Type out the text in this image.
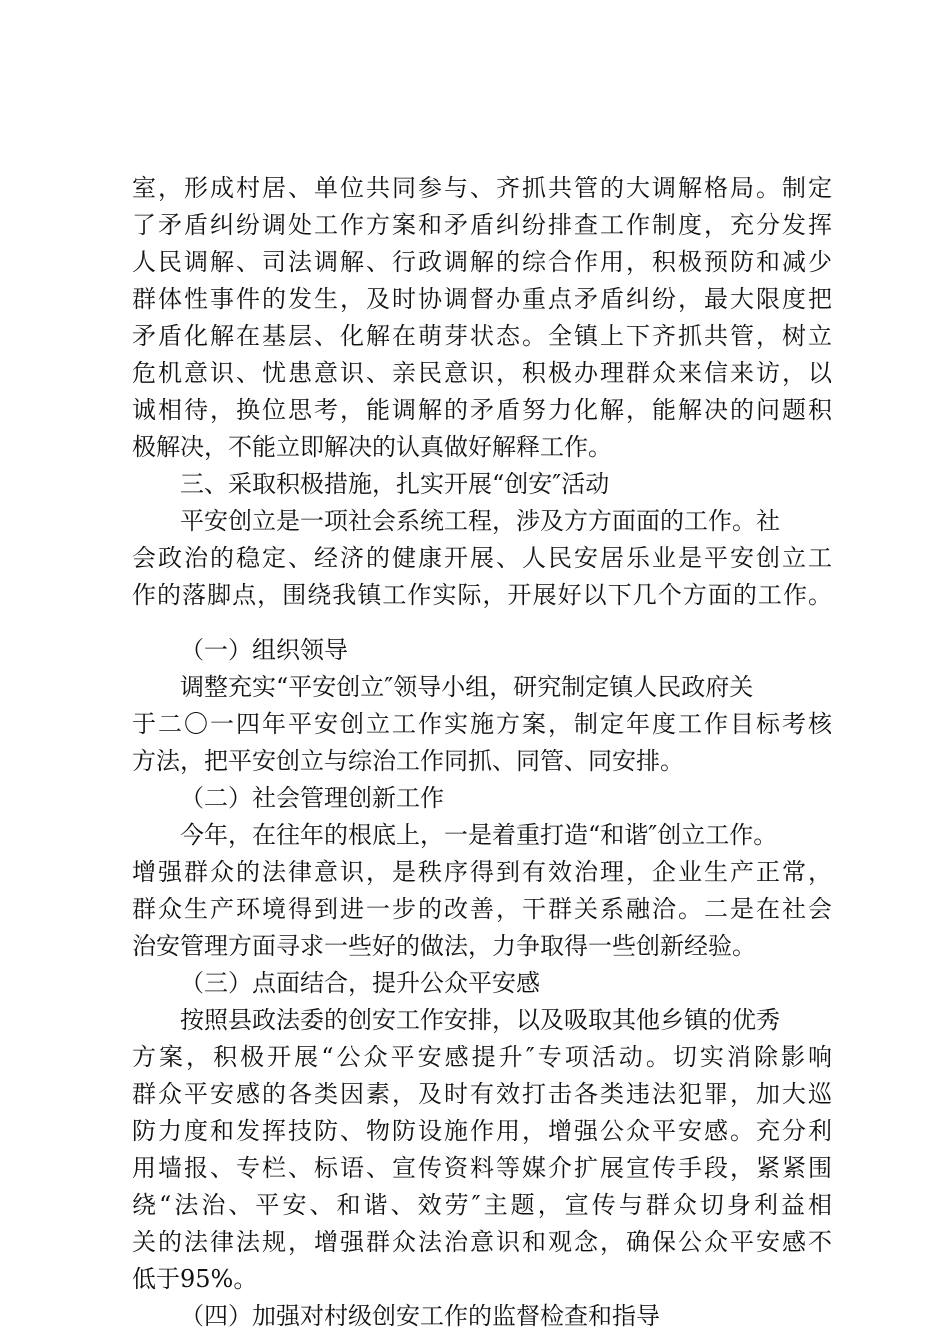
室，形成村居、单位共同参与、齐抓共管的大调解格局。制定
了矛盾纠纷调处工作方案和矛盾纠纷排查工作制度，充分发挥
人民调解、司法调解、行政调解的综合作用，积极预防和减少
群体性事件的发生，及时协调督办重点矛盾纠纷，最大限度把
矛盾化解在基层、化解在萌芽状态。全镇上下齐抓共管，树立
危机意识、忧患意识、亲民意识，积极办理群众来信来访，以
诚相待，换位思考，能调解的矛盾努力化解，能解决的问题积
极解决，不能立即解决的认真做好解释工作。
三、采取积极措施，扎实开展“创安″活动
平安创立是一项社会系统工程，涉及方方面面的工作。社
会政治的稳定、经济的健康开展、人民安居乐业是平安创立工
作的落脚点，围绕我镇工作实际，开展好以下几个方面的工作。
（一）组织领导
调整充实“平安创立″领导小组，研究制定镇人民政府关
于二〇一四年平安创立工作实施方案，制定年度工作目标考核
方法，把平安创立与综治工作同抓、同管、同安排。
（二）社会管理创新工作
今年，在往年的根底上，一是着重打造“和谐″创立工作。
增强群众的法律意识，是秩序得到有效治理，企业生产正常，
群众生产环境得到进一步的改善，干群关系融洽。二是在社会
治安管理方面寻求一些好的做法，力争取得一些创新经验。
（三）点面结合，提升公众平安感
按照县政法委的创安工作安排，以及吸取其他乡镇的优秀
方案，积极开展“公众平安感提升″专项活动。切实消除影响
群众平安感的各类因素，及时有效打击各类违法犯罪，加大巡
防力度和发挥技防、物防设施作用，增强公众平安感。充分利
用墙报、专栏、标语、宣传资料等媒介扩展宣传手段，紧紧围
绕“法治、平安、和谐、效劳″主题，宣传与群众切身利益相
关的法律法规，增强群众法治意识和观念，确保公众平安感不
低于95%。
（四）加强对村级创安工作的监督检查和指导
